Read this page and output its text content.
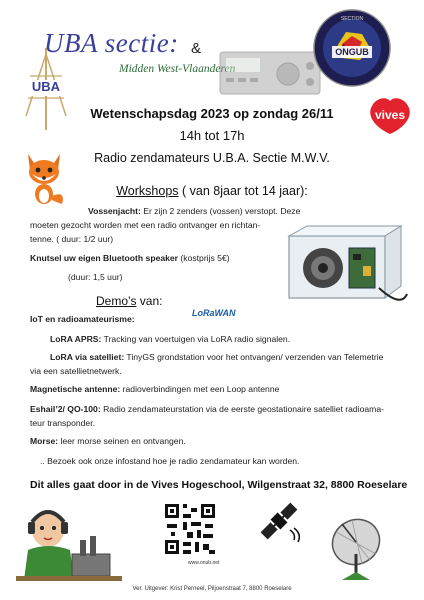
UBA
UBA sectie: &
Midden West-Vlaanderen
SECTION
ONGUB
vives
Wetenschapsdag 2023 op zondag 26/11
14h tot 17h
Radio zendamateurs U.B.A. Sectie M.W.V.
Workshops ( van 8jaar tot 14 jaar):
Vossenjacht: Er zijn 2 zenders (vossen) verstopt. Deze
moeten gezocht worden met een radio ontvanger en richtan-
tenne. ( duur: 1/2 uur)
Knutsel uw eigen Bluetooth speaker (kostprijs 5€)
(duur: 1,5 uur)
Demo’s van:
LoRaWAN
IoT en radioamateurisme:
LoRA APRS: Tracking van voertuigen via LoRA radio signalen.
LoRA via satelliet: TinyGS grondstation voor het ontvangen/ verzenden van Telemetrie
via een satellietnetwerk.
Magnetische antenne: radioverbindingen met een Loop antenne
Eshail’2/ QO-100: Radio zendamateurstation via de eerste geostationaire satelliet radioama-
teur transponder.
Morse: leer morse seinen en ontvangen.
.. Bezoek ook onze infostand hoe je radio zendamateur kan worden.
Dit alles gaat door in de Vives Hogeschool, Wilgenstraat 32, 8800 Roeselare
www.onub.net
Ver. Uitgever: Krist Perneel, Piljoenstraat 7, 8800 Roeselare
